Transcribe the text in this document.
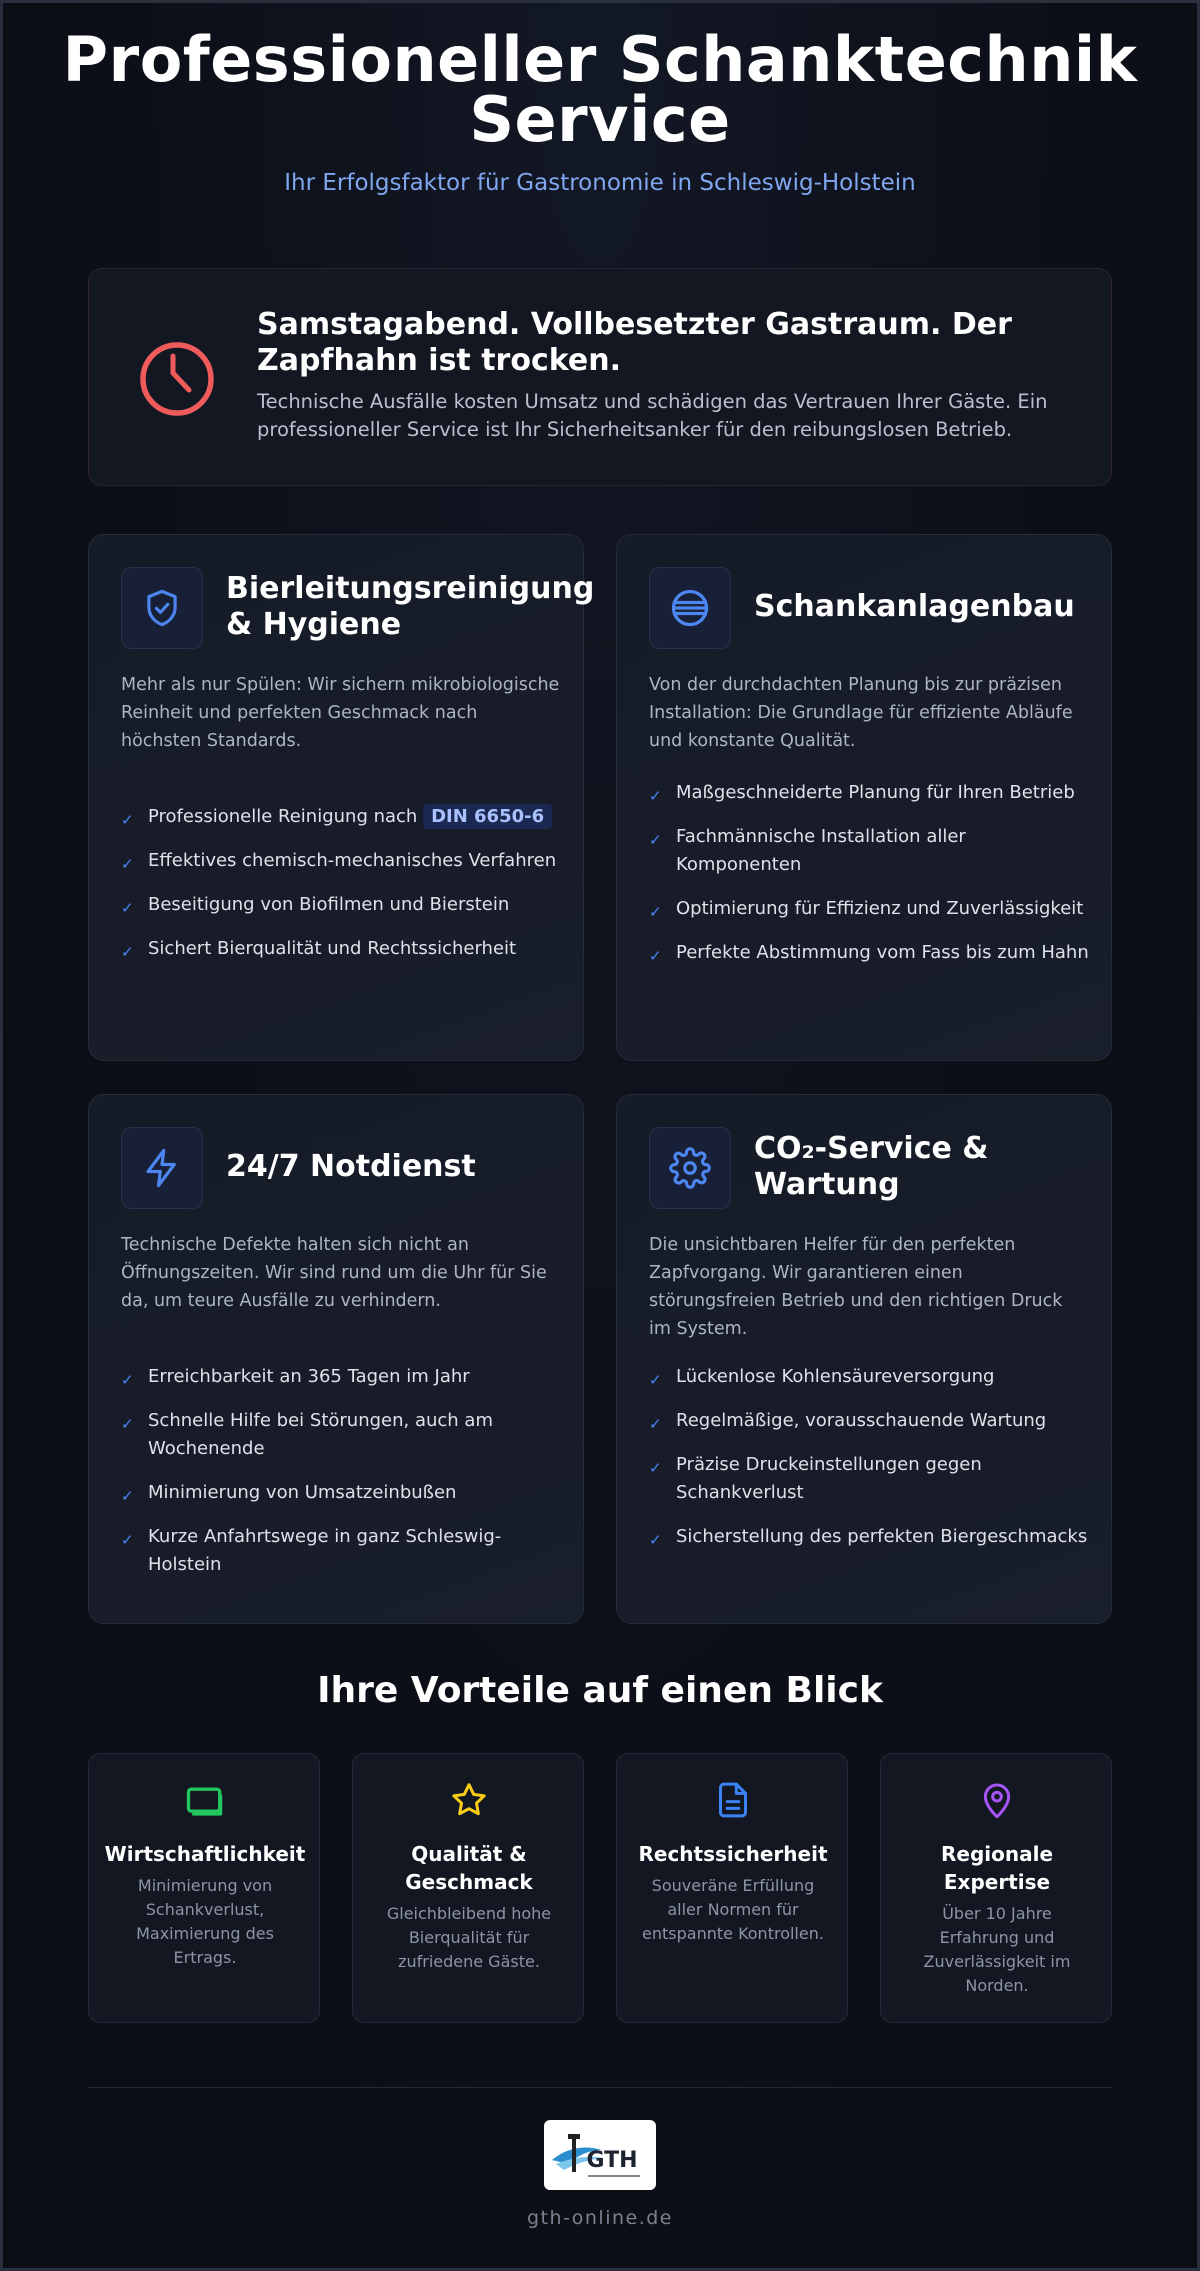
Professioneller Schanktechnik
Service
Ihr Erfolgsfaktor für Gastronomie in Schleswig-Holstein
Samstagabend. Vollbesetzter Gastraum. Der Zapfhahn ist trocken.

Technische Ausfälle kosten Umsatz und schädigen das Vertrauen Ihrer Gäste. Ein professioneller Service ist Ihr Sicherheitsanker für den reibungslosen Betrieb.

Bierleitungsreinigung & Hygiene

Mehr als nur Spülen: Wir sichern mikrobiologische Reinheit und perfekten Geschmack nach höchsten Standards.

✓ Professionelle Reinigung nach DIN 6650-6
✓ Effektives chemisch-mechanisches Verfahren
✓ Beseitigung von Biofilmen und Bierstein
✓ Sichert Bierqualität und Rechtssicherheit
Schankanlagenbau

Von der durchdachten Planung bis zur präzisen Installation: Die Grundlage für effiziente Abläufe und konstante Qualität.

✓ Maßgeschneiderte Planung für Ihren Betrieb
✓ Fachmännische Installation aller Komponenten
✓ Optimierung für Effizienz und Zuverlässigkeit
✓ Perfekte Abstimmung vom Fass bis zum Hahn
24/7 Notdienst

Technische Defekte halten sich nicht an Öffnungszeiten. Wir sind rund um die Uhr für Sie da, um teure Ausfälle zu verhindern.

✓ Erreichbarkeit an 365 Tagen im Jahr
✓ Schnelle Hilfe bei Störungen, auch am Wochenende
✓ Minimierung von Umsatzeinbußen
✓ Kurze Anfahrtswege in ganz Schleswig-Holstein
CO₂-Service & Wartung

Die unsichtbaren Helfer für den perfekten Zapfvorgang. Wir garantieren einen störungsfreien Betrieb und den richtigen Druck im System.

✓ Lückenlose Kohlensäureversorgung
✓ Regelmäßige, vorausschauende Wartung
✓ Präzise Druckeinstellungen gegen Schankverlust
✓ Sicherstellung des perfekten Biergeschmacks
Ihre Vorteile auf einen Blick
Wirtschaftlichkeit
Minimierung von Schankverlust, Maximierung des Ertrags.
Qualität & Geschmack
Gleichbleibend hohe Bierqualität für zufriedene Gäste.
Rechtssicherheit
Souveräne Erfüllung aller Normen für entspannte Kontrollen.
Regionale Expertise
Über 10 Jahre Erfahrung und Zuverlässigkeit im Norden.
GTH
gth-online.de
